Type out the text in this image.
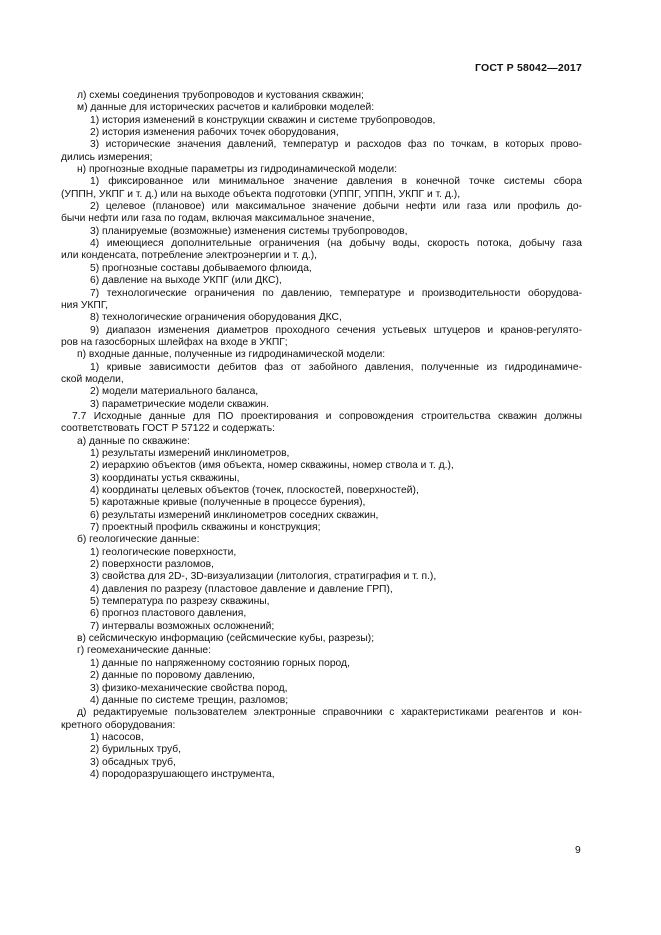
ГОСТ Р 58042—2017
л) схемы соединения трубопроводов и кустования скважин;
м) данные для исторических расчетов и калибровки моделей:
1) история изменений в конструкции скважин и системе трубопроводов,
2) история изменения рабочих точек оборудования,
3) исторические значения давлений, температур и расходов фаз по точкам, в которых прово-
дились измерения;
н) прогнозные входные параметры из гидродинамической модели:
1) фиксированное или минимальное значение давления в конечной точке системы сбора
(УППН, УКПГ и т. д.) или на выходе объекта подготовки (УППГ, УППН, УКПГ и т. д.),
2) целевое (плановое) или максимальное значение добычи нефти или газа или профиль до-
бычи нефти или газа по годам, включая максимальное значение,
3) планируемые (возможные) изменения системы трубопроводов,
4) имеющиеся дополнительные ограничения (на добычу воды, скорость потока, добычу газа
или конденсата, потребление электроэнергии и т. д.),
5) прогнозные составы добываемого флюида,
6) давление на выходе УКПГ (или ДКС),
7) технологические ограничения по давлению, температуре и производительности оборудова-
ния УКПГ,
8) технологические ограничения оборудования ДКС,
9) диапазон изменения диаметров проходного сечения устьевых штуцеров и кранов-регулято-
ров на газосборных шлейфах на входе в УКПГ;
п) входные данные, полученные из гидродинамической модели:
1) кривые зависимости дебитов фаз от забойного давления, полученные из гидродинамиче-
ской модели,
2) модели материального баланса,
3) параметрические модели скважин.
7.7 Исходные данные для ПО проектирования и сопровождения строительства скважин должны
соответствовать ГОСТ Р 57122 и содержать:
а) данные по скважине:
1) результаты измерений инклинометров,
2) иерархию объектов (имя объекта, номер скважины, номер ствола и т. д.),
3) координаты устья скважины,
4) координаты целевых объектов (точек, плоскостей, поверхностей),
5) каротажные кривые (полученные в процессе бурения),
6) результаты измерений инклинометров соседних скважин,
7) проектный профиль скважины и конструкция;
б) геологические данные:
1) геологические поверхности,
2) поверхности разломов,
3) свойства для 2D-, 3D-визуализации (литология, стратиграфия и т. п.),
4) давления по разрезу (пластовое давление и давление ГРП),
5) температура по разрезу скважины,
6) прогноз пластового давления,
7) интервалы возможных осложнений;
в) сейсмическую информацию (сейсмические кубы, разрезы);
г) геомеханические данные:
1) данные по напряженному состоянию горных пород,
2) данные по поровому давлению,
3) физико-механические свойства пород,
4) данные по системе трещин, разломов;
д) редактируемые пользователем электронные справочники с характеристиками реагентов и кон-
кретного оборудования:
1) насосов,
2) бурильных труб,
3) обсадных труб,
4) породоразрушающего инструмента,
9
